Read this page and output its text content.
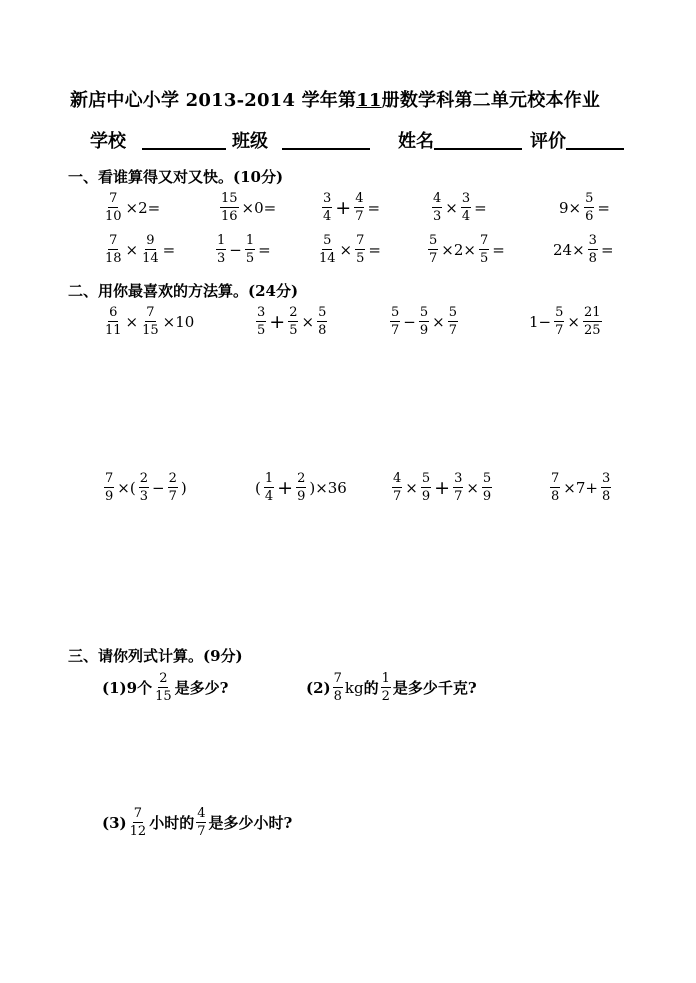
新店中心小学 2013-2014 学年第11册数学科第二单元校本作业
学校	班级	姓名	评价
一、看谁算得又对又快。(10分)
$\frac{7}{10} \times 2=$	$\frac{15}{16} \times 0=$	$\frac{3}{4} + \frac{4}{7}$ =	$\frac{4}{3} \times \frac{3}{4}$ =	$9\times \frac{5}{6}$ =
$\frac{7}{18} \times \frac{9}{14}$ =	$\frac{1}{3} - \frac{1}{5}$ =	$\frac{5}{14} \times \frac{7}{5}$ =	$\frac{5}{7} \times 2\times \frac{7}{5}$ =	$24\times \frac{3}{8}$ =
二、用你最喜欢的方法算。(24分)
$\frac{6}{11} \times \frac{7}{15} \times 10$	$\frac{3}{5} + \frac{2}{5} \times \frac{5}{8}$	$\frac{5}{7} - \frac{5}{9} \times \frac{5}{7}$	$1- \frac{5}{7} \times \frac{21}{25}$
$\frac{7}{9}$ ×( $\frac{2}{3} - \frac{2}{7}$ )	( $\frac{1}{4} + \frac{2}{9} )\times 36$	$\frac{4}{7} \times \frac{5}{9} + \frac{3}{7} \times \frac{5}{9}$	$\frac{7}{8} \times 7+ \frac{3}{8}$
三、请你列式计算。(9分)
(1)9个 $\frac{2}{15}$ 是多少?	$(2) \frac{7}{8}$ kg 的 $\frac{1}{2}$ 是多少千克?
$(3) \frac{7}{12}$ 小时的 $\frac{4}{7}$ 是多少小时?
